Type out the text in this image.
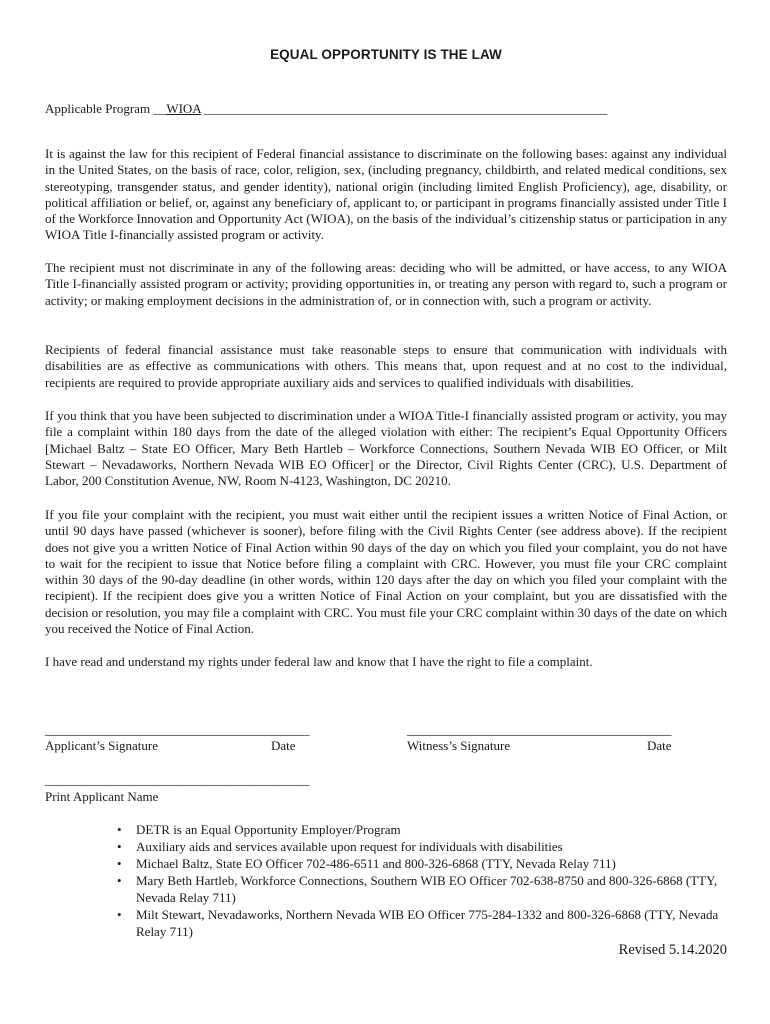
EQUAL OPPORTUNITY IS THE LAW
Applicable Program __WIOA ______________________________________________________________

It is against the law for this recipient of Federal financial assistance to discriminate on the following bases: against any individual in the United States, on the basis of race, color, religion, sex, (including pregnancy, childbirth, and related medical conditions, sex stereotyping, transgender status, and gender identity), national origin (including limited English Proficiency), age, disability, or political affiliation or belief, or, against any beneficiary of, applicant to, or participant in programs financially assisted under Title I of the Workforce Innovation and Opportunity Act (WIOA), on the basis of the individual’s citizenship status or participation in any WIOA Title I-financially assisted program or activity.

The recipient must not discriminate in any of the following areas: deciding who will be admitted, or have access, to any WIOA Title I-financially assisted program or activity; providing opportunities in, or treating any person with regard to, such a program or activity; or making employment decisions in the administration of, or in connection with, such a program or activity.

Recipients of federal financial assistance must take reasonable steps to ensure that communication with individuals with disabilities are as effective as communications with others. This means that, upon request and at no cost to the individual, recipients are required to provide appropriate auxiliary aids and services to qualified individuals with disabilities.

If you think that you have been subjected to discrimination under a WIOA Title-I financially assisted program or activity, you may file a complaint within 180 days from the date of the alleged violation with either: The recipient’s Equal Opportunity Officers [Michael Baltz – State EO Officer, Mary Beth Hartleb – Workforce Connections, Southern Nevada WIB EO Officer, or Milt Stewart – Nevadaworks, Northern Nevada WIB EO Officer] or the Director, Civil Rights Center (CRC), U.S. Department of Labor, 200 Constitution Avenue, NW, Room N-4123, Washington, DC 20210.

If you file your complaint with the recipient, you must wait either until the recipient issues a written Notice of Final Action, or until 90 days have passed (whichever is sooner), before filing with the Civil Rights Center (see address above). If the recipient does not give you a written Notice of Final Action within 90 days of the day on which you filed your complaint, you do not have to wait for the recipient to issue that Notice before filing a complaint with CRC. However, you must file your CRC complaint within 30 days of the 90-day deadline (in other words, within 120 days after the day on which you filed your complaint with the recipient). If the recipient does give you a written Notice of Final Action on your complaint, but you are dissatisfied with the decision or resolution, you may file a complaint with CRC. You must file your CRC complaint within 30 days of the date on which you received the Notice of Final Action.

I have read and understand my rights under federal law and know that I have the right to file a complaint.

____________________________________________	____________________________________________
Applicant’s Signature	Date	Witness’s Signature	Date
____________________________________________
Print Applicant Name
• DETR is an Equal Opportunity Employer/Program
• Auxiliary aids and services available upon request for individuals with disabilities
• Michael Baltz, State EO Officer 702-486-6511 and 800-326-6868 (TTY, Nevada Relay 711)
• Mary Beth Hartleb, Workforce Connections, Southern WIB EO Officer 702-638-8750 and 800-326-6868 (TTY, Nevada Relay 711)
• Milt Stewart, Nevadaworks, Northern Nevada WIB EO Officer 775-284-1332 and 800-326-6868 (TTY, Nevada Relay 711)
Revised 5.14.2020
